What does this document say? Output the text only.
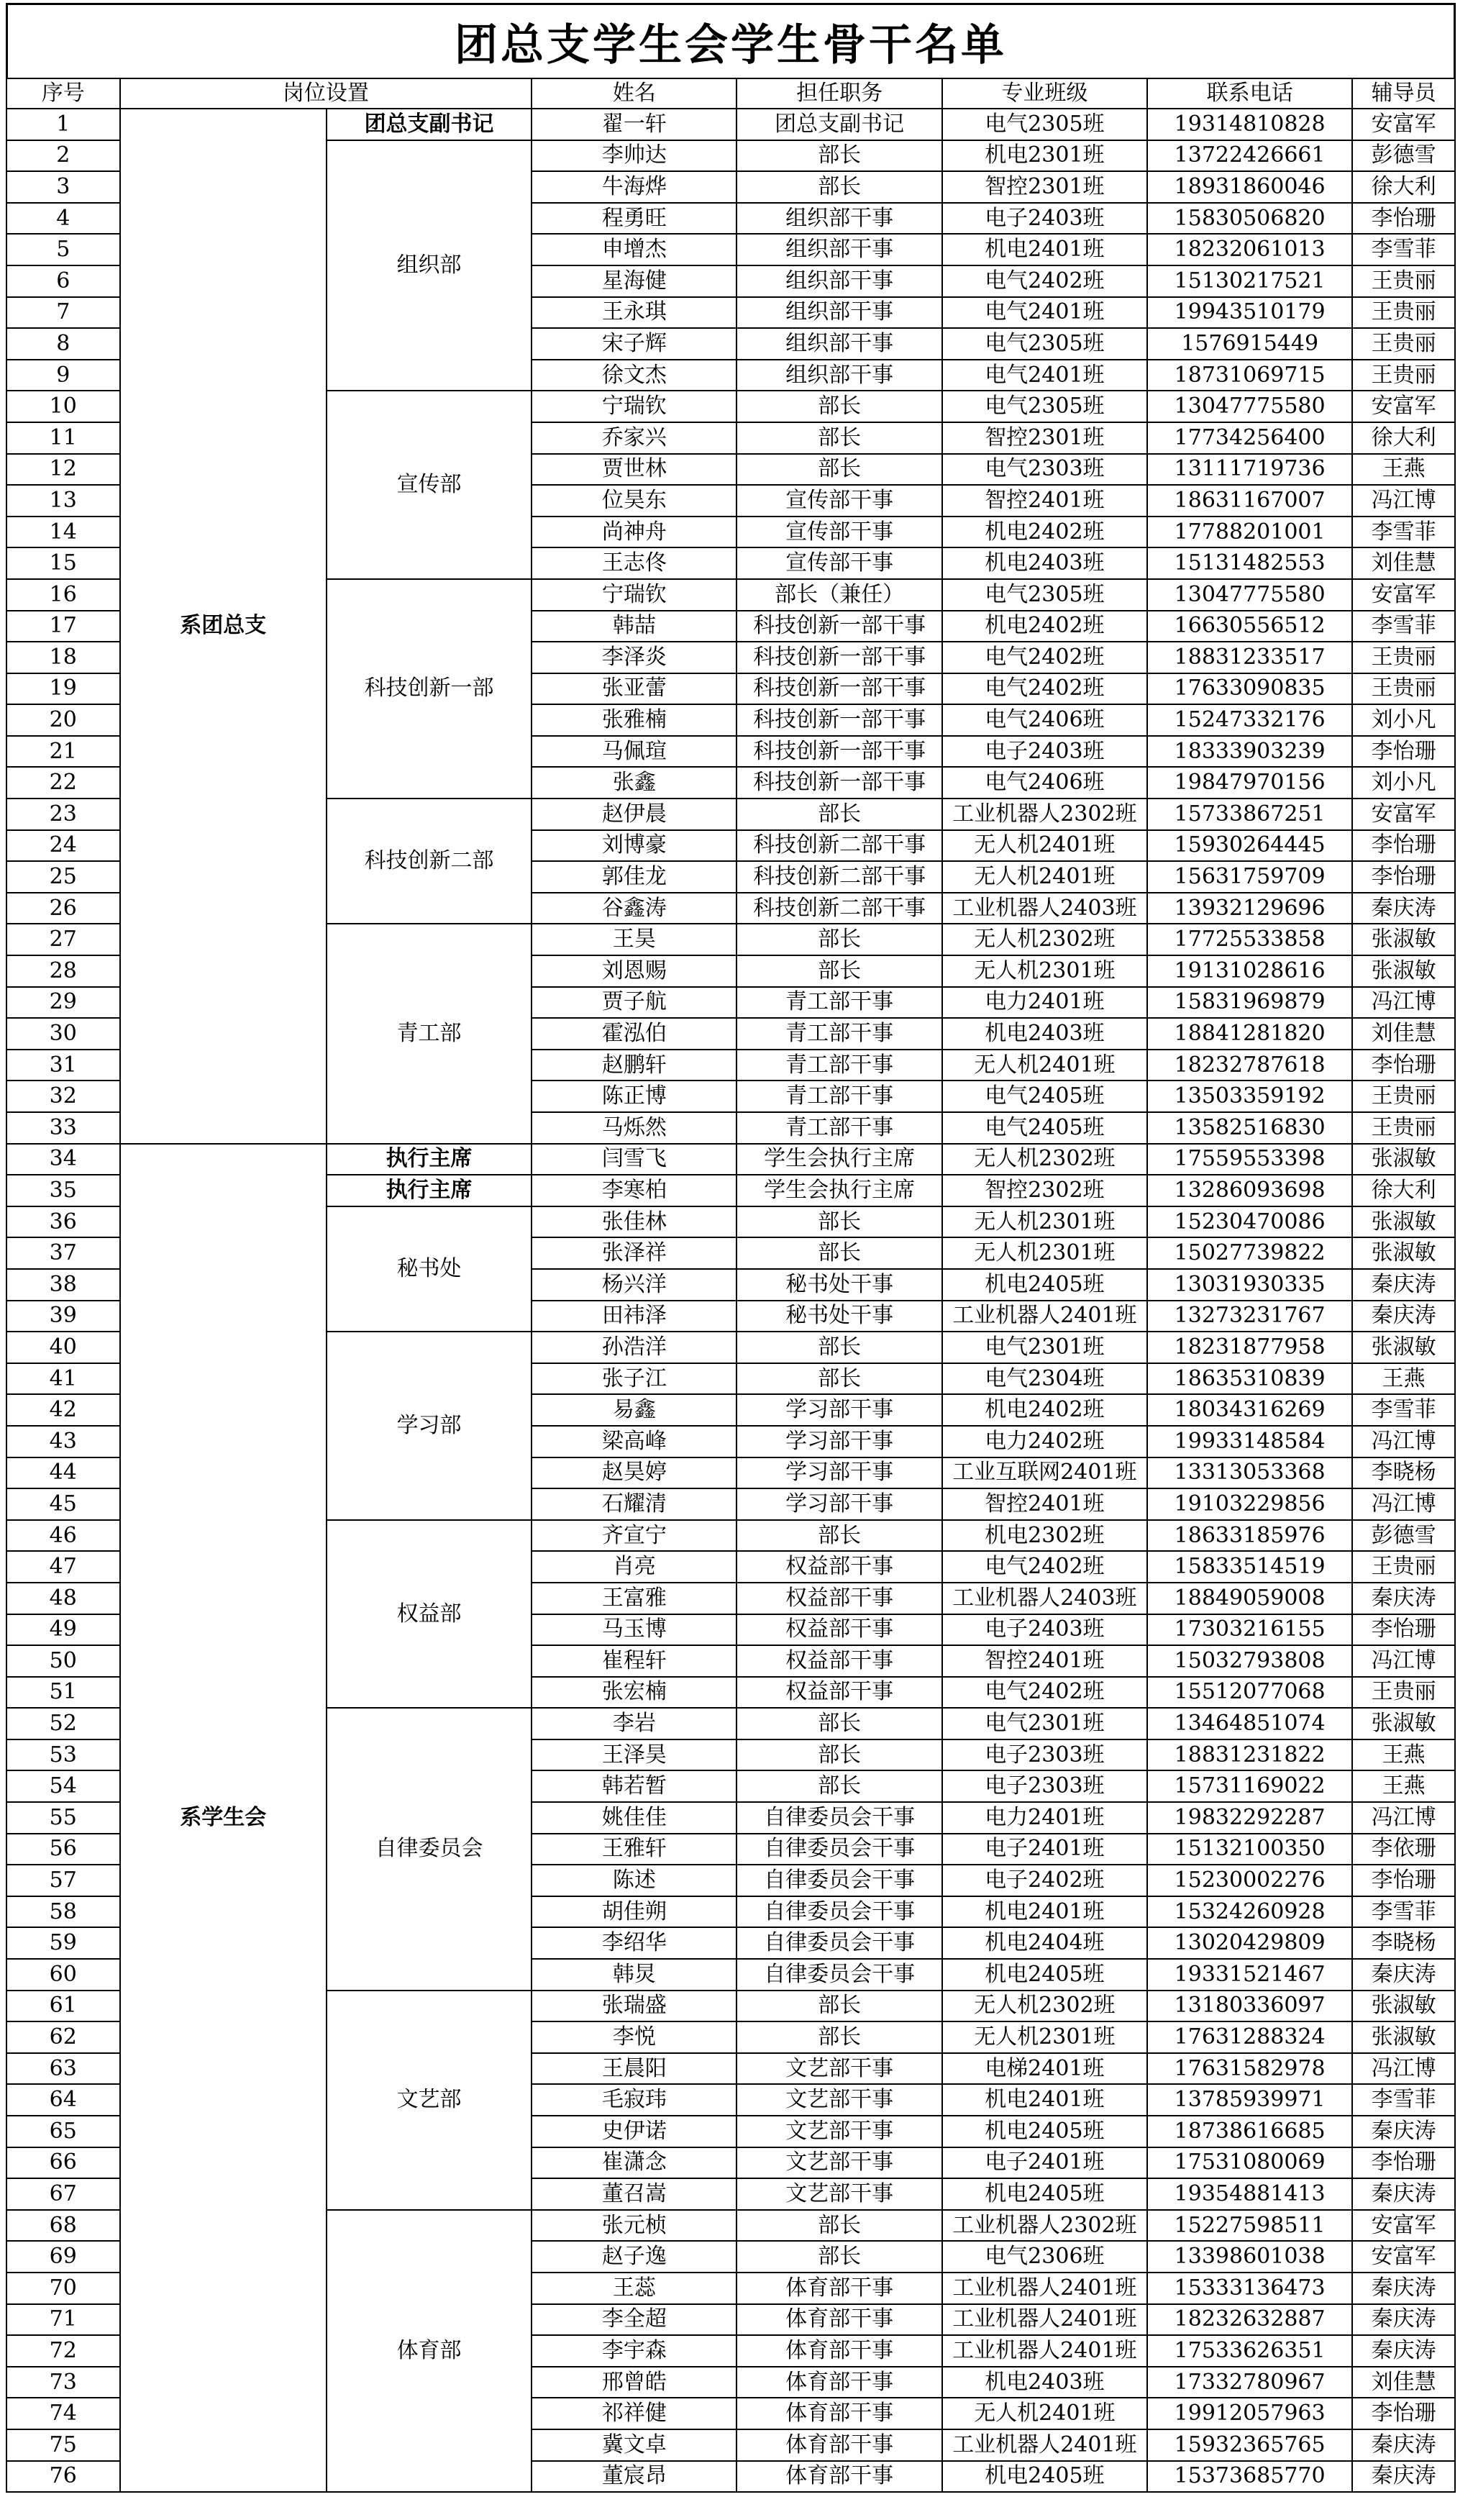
团总支学生会学生骨干名单
序号	岗位设置		姓名	担任职务	专业班级	联系电话	辅导员
1	系团总支	团总支副书记	翟一轩	团总支副书记	电气2305班	19314810828	安富军
2		组织部	李帅达	部长	机电2301班	13722426661	彭德雪
3			牛海烨	部长	智控2301班	18931860046	徐大利
4			程勇旺	组织部干事	电子2403班	15830506820	李怡珊
5			申增杰	组织部干事	机电2401班	18232061013	李雪菲
6			星海健	组织部干事	电气2402班	15130217521	王贵丽
7			王永琪	组织部干事	电气2401班	19943510179	王贵丽
8			宋子辉	组织部干事	电气2305班	1576915449	王贵丽
9			徐文杰	组织部干事	电气2401班	18731069715	王贵丽
10		宣传部	宁瑞钦	部长	电气2305班	13047775580	安富军
11			乔家兴	部长	智控2301班	17734256400	徐大利
12			贾世林	部长	电气2303班	13111719736	王燕
13			位昊东	宣传部干事	智控2401班	18631167007	冯江博
14			尚神舟	宣传部干事	机电2402班	17788201001	李雪菲
15			王志佟	宣传部干事	机电2403班	15131482553	刘佳慧
16		科技创新一部	宁瑞钦	部长（兼任）	电气2305班	13047775580	安富军
17			韩喆	科技创新一部干事	机电2402班	16630556512	李雪菲
18			李泽炎	科技创新一部干事	电气2402班	18831233517	王贵丽
19			张亚蕾	科技创新一部干事	电气2402班	17633090835	王贵丽
20			张雅楠	科技创新一部干事	电气2406班	15247332176	刘小凡
21			马佩瑄	科技创新一部干事	电子2403班	18333903239	李怡珊
22			张鑫	科技创新一部干事	电气2406班	19847970156	刘小凡
23		科技创新二部	赵伊晨	部长	工业机器人2302班	15733867251	安富军
24			刘博豪	科技创新二部干事	无人机2401班	15930264445	李怡珊
25			郭佳龙	科技创新二部干事	无人机2401班	15631759709	李怡珊
26			谷鑫涛	科技创新二部干事	工业机器人2403班	13932129696	秦庆涛
27		青工部	王昊	部长	无人机2302班	17725533858	张淑敏
28			刘恩赐	部长	无人机2301班	19131028616	张淑敏
29			贾子航	青工部干事	电力2401班	15831969879	冯江博
30			霍泓伯	青工部干事	机电2403班	18841281820	刘佳慧
31			赵鹏轩	青工部干事	无人机2401班	18232787618	李怡珊
32			陈正博	青工部干事	电气2405班	13503359192	王贵丽
33			马烁然	青工部干事	电气2405班	13582516830	王贵丽
34	系学生会	执行主席	闫雪飞	学生会执行主席	无人机2302班	17559553398	张淑敏
35		执行主席	李寒柏	学生会执行主席	智控2302班	13286093698	徐大利
36		秘书处	张佳林	部长	无人机2301班	15230470086	张淑敏
37			张泽祥	部长	无人机2301班	15027739822	张淑敏
38			杨兴洋	秘书处干事	机电2405班	13031930335	秦庆涛
39			田祎泽	秘书处干事	工业机器人2401班	13273231767	秦庆涛
40		学习部	孙浩洋	部长	电气2301班	18231877958	张淑敏
41			张子江	部长	电气2304班	18635310839	王燕
42			易鑫	学习部干事	机电2402班	18034316269	李雪菲
43			梁高峰	学习部干事	电力2402班	19933148584	冯江博
44			赵昊婷	学习部干事	工业互联网2401班	13313053368	李晓杨
45			石耀清	学习部干事	智控2401班	19103229856	冯江博
46		权益部	齐宣宁	部长	机电2302班	18633185976	彭德雪
47			肖亮	权益部干事	电气2402班	15833514519	王贵丽
48			王富雅	权益部干事	工业机器人2403班	18849059008	秦庆涛
49			马玉博	权益部干事	电子2403班	17303216155	李怡珊
50			崔程轩	权益部干事	智控2401班	15032793808	冯江博
51			张宏楠	权益部干事	电气2402班	15512077068	王贵丽
52		自律委员会	李岩	部长	电气2301班	13464851074	张淑敏
53			王泽昊	部长	电子2303班	18831231822	王燕
54			韩若暂	部长	电子2303班	15731169022	王燕
55			姚佳佳	自律委员会干事	电力2401班	19832292287	冯江博
56			王雅轩	自律委员会干事	电子2401班	15132100350	李依珊
57			陈述	自律委员会干事	电子2402班	15230002276	李怡珊
58			胡佳朔	自律委员会干事	机电2401班	15324260928	李雪菲
59			李绍华	自律委员会干事	机电2404班	13020429809	李晓杨
60			韩炅	自律委员会干事	机电2405班	19331521467	秦庆涛
61		文艺部	张瑞盛	部长	无人机2302班	13180336097	张淑敏
62			李悦	部长	无人机2301班	17631288324	张淑敏
63			王晨阳	文艺部干事	电梯2401班	17631582978	冯江博
64			毛寂玮	文艺部干事	机电2401班	13785939971	李雪菲
65			史伊诺	文艺部干事	机电2405班	18738616685	秦庆涛
66			崔潇念	文艺部干事	电子2401班	17531080069	李怡珊
67			董召嵩	文艺部干事	机电2405班	19354881413	秦庆涛
68		体育部	张元桢	部长	工业机器人2302班	15227598511	安富军
69			赵子逸	部长	电气2306班	13398601038	安富军
70			王蕊	体育部干事	工业机器人2401班	15333136473	秦庆涛
71			李全超	体育部干事	工业机器人2401班	18232632887	秦庆涛
72			李宇森	体育部干事	工业机器人2401班	17533626351	秦庆涛
73			邢曾皓	体育部干事	机电2403班	17332780967	刘佳慧
74			祁祥健	体育部干事	无人机2401班	19912057963	李怡珊
75			冀文卓	体育部干事	工业机器人2401班	15932365765	秦庆涛
76			董宸昂	体育部干事	机电2405班	15373685770	秦庆涛
